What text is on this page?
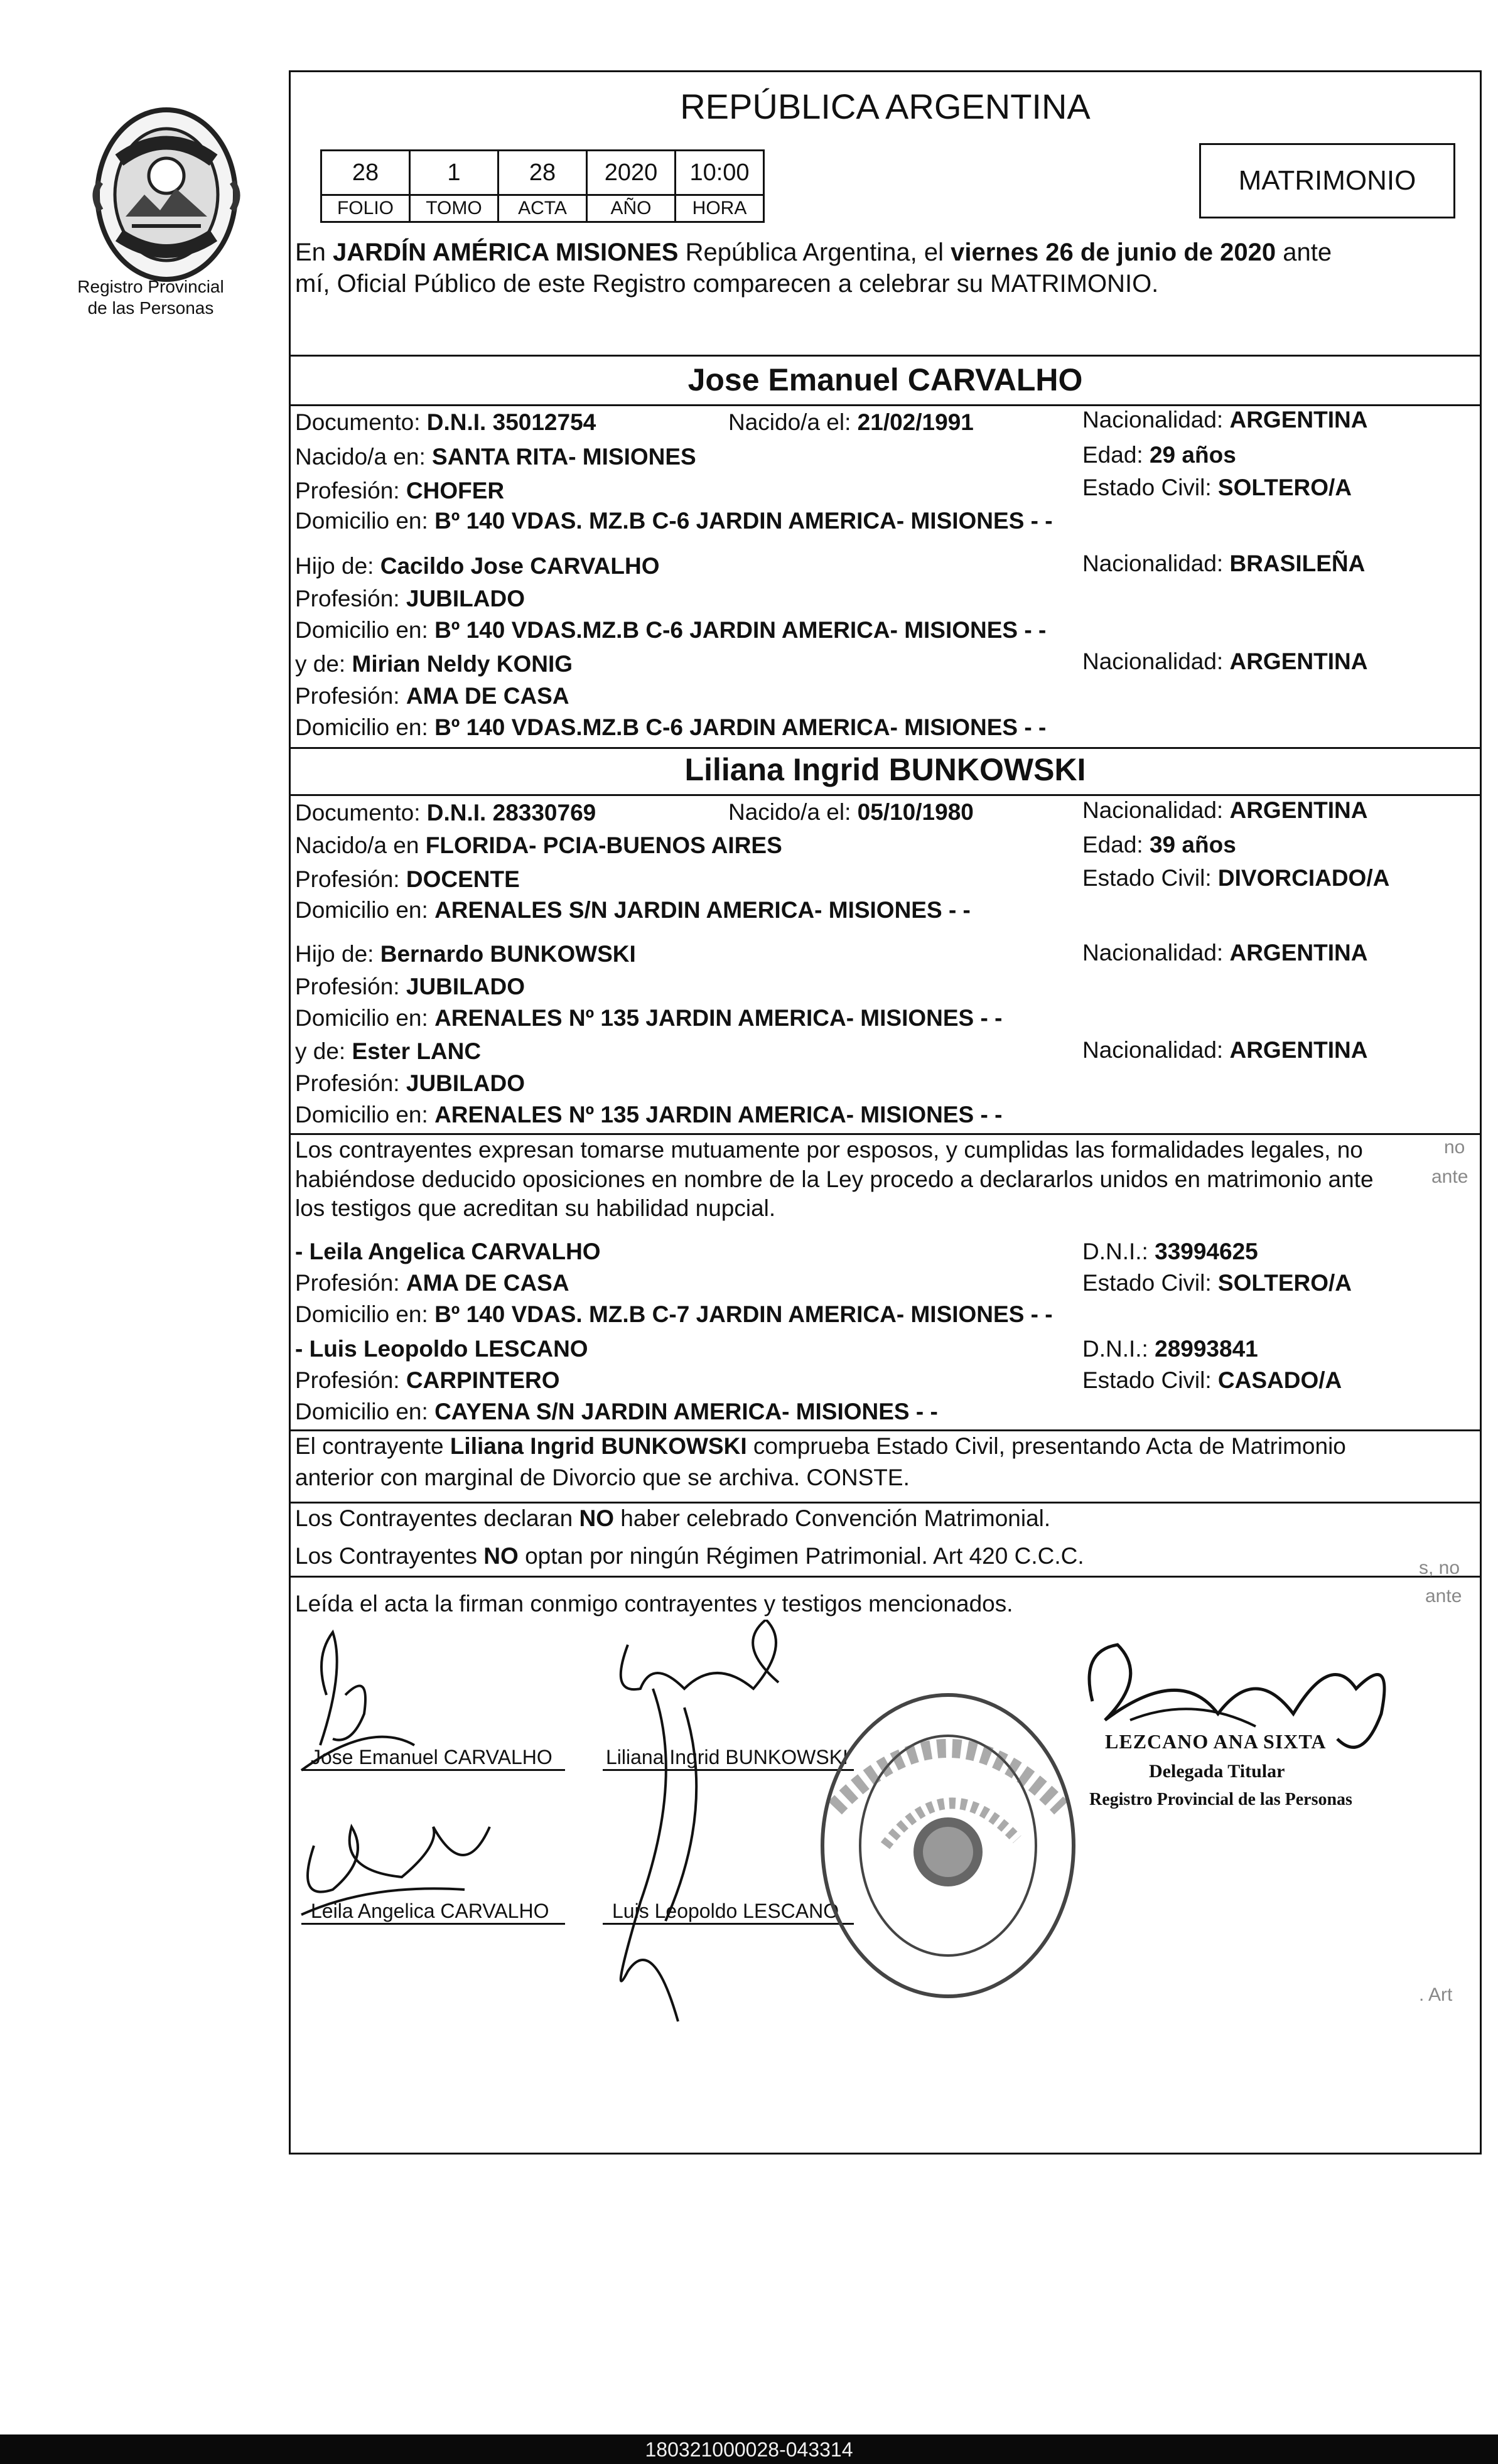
Registro Provincial
de las Personas
REPÚBLICA ARGENTINA
28	1	28	2020	10:00
FOLIO	TOMO	ACTA	AÑO	HORA
MATRIMONIO
En JARDÍN AMÉRICA MISIONES República Argentina, el viernes 26 de junio de 2020 ante
mí, Oficial Público de este Registro comparecen a celebrar su MATRIMONIO.
Jose Emanuel CARVALHO
Documento: D.N.I. 35012754	Nacido/a el: 21/02/1991	Nacionalidad: ARGENTINA
Nacido/a en: SANTA RITA- MISIONES	Edad: 29 años
Profesión: CHOFER	Estado Civil: SOLTERO/A
Domicilio en: Bº 140 VDAS. MZ.B C-6 JARDIN AMERICA- MISIONES - -
Hijo de: Cacildo Jose CARVALHO	Nacionalidad: BRASILEÑA
Profesión: JUBILADO
Domicilio en: Bº 140 VDAS.MZ.B C-6 JARDIN AMERICA- MISIONES - -
y de: Mirian Neldy KONIG	Nacionalidad: ARGENTINA
Profesión: AMA DE CASA
Domicilio en: Bº 140 VDAS.MZ.B C-6 JARDIN AMERICA- MISIONES - -
Liliana Ingrid BUNKOWSKI
Documento: D.N.I. 28330769	Nacido/a el: 05/10/1980	Nacionalidad: ARGENTINA
Nacido/a en FLORIDA- PCIA-BUENOS AIRES	Edad: 39 años
Profesión: DOCENTE	Estado Civil: DIVORCIADO/A
Domicilio en: ARENALES S/N JARDIN AMERICA- MISIONES - -
Hijo de: Bernardo BUNKOWSKI	Nacionalidad: ARGENTINA
Profesión: JUBILADO
Domicilio en: ARENALES Nº 135 JARDIN AMERICA- MISIONES - -
y de: Ester LANC	Nacionalidad: ARGENTINA
Profesión: JUBILADO
Domicilio en: ARENALES Nº 135 JARDIN AMERICA- MISIONES - -
Los contrayentes expresan tomarse mutuamente por esposos, y cumplidas las formalidades legales, no
habiéndose deducido oposiciones en nombre de la Ley procedo a declararlos unidos en matrimonio ante
los testigos que acreditan su habilidad nupcial.
- Leila Angelica CARVALHO	D.N.I.: 33994625
Profesión: AMA DE CASA	Estado Civil: SOLTERO/A
Domicilio en: Bº 140 VDAS. MZ.B C-7 JARDIN AMERICA- MISIONES - -
- Luis Leopoldo LESCANO	D.N.I.: 28993841
Profesión: CARPINTERO	Estado Civil: CASADO/A
Domicilio en: CAYENA S/N JARDIN AMERICA- MISIONES - -
El contrayente Liliana Ingrid BUNKOWSKI comprueba Estado Civil, presentando Acta de Matrimonio
anterior con marginal de Divorcio que se archiva. CONSTE.
Los Contrayentes declaran NO haber celebrado Convención Matrimonial.
Los Contrayentes NO optan por ningún Régimen Patrimonial. Art 420 C.C.C.
Leída el acta la firman conmigo contrayentes y testigos mencionados.
Jose Emanuel CARVALHO	Liliana Ingrid BUNKOWSKI
Leila Angelica CARVALHO	Luis Leopoldo LESCANO
LEZCANO ANA SIXTA
Delegada Titular
Registro Provincial de las Personas
no
ante
s, no
ante
. Art
180321000028-043314
